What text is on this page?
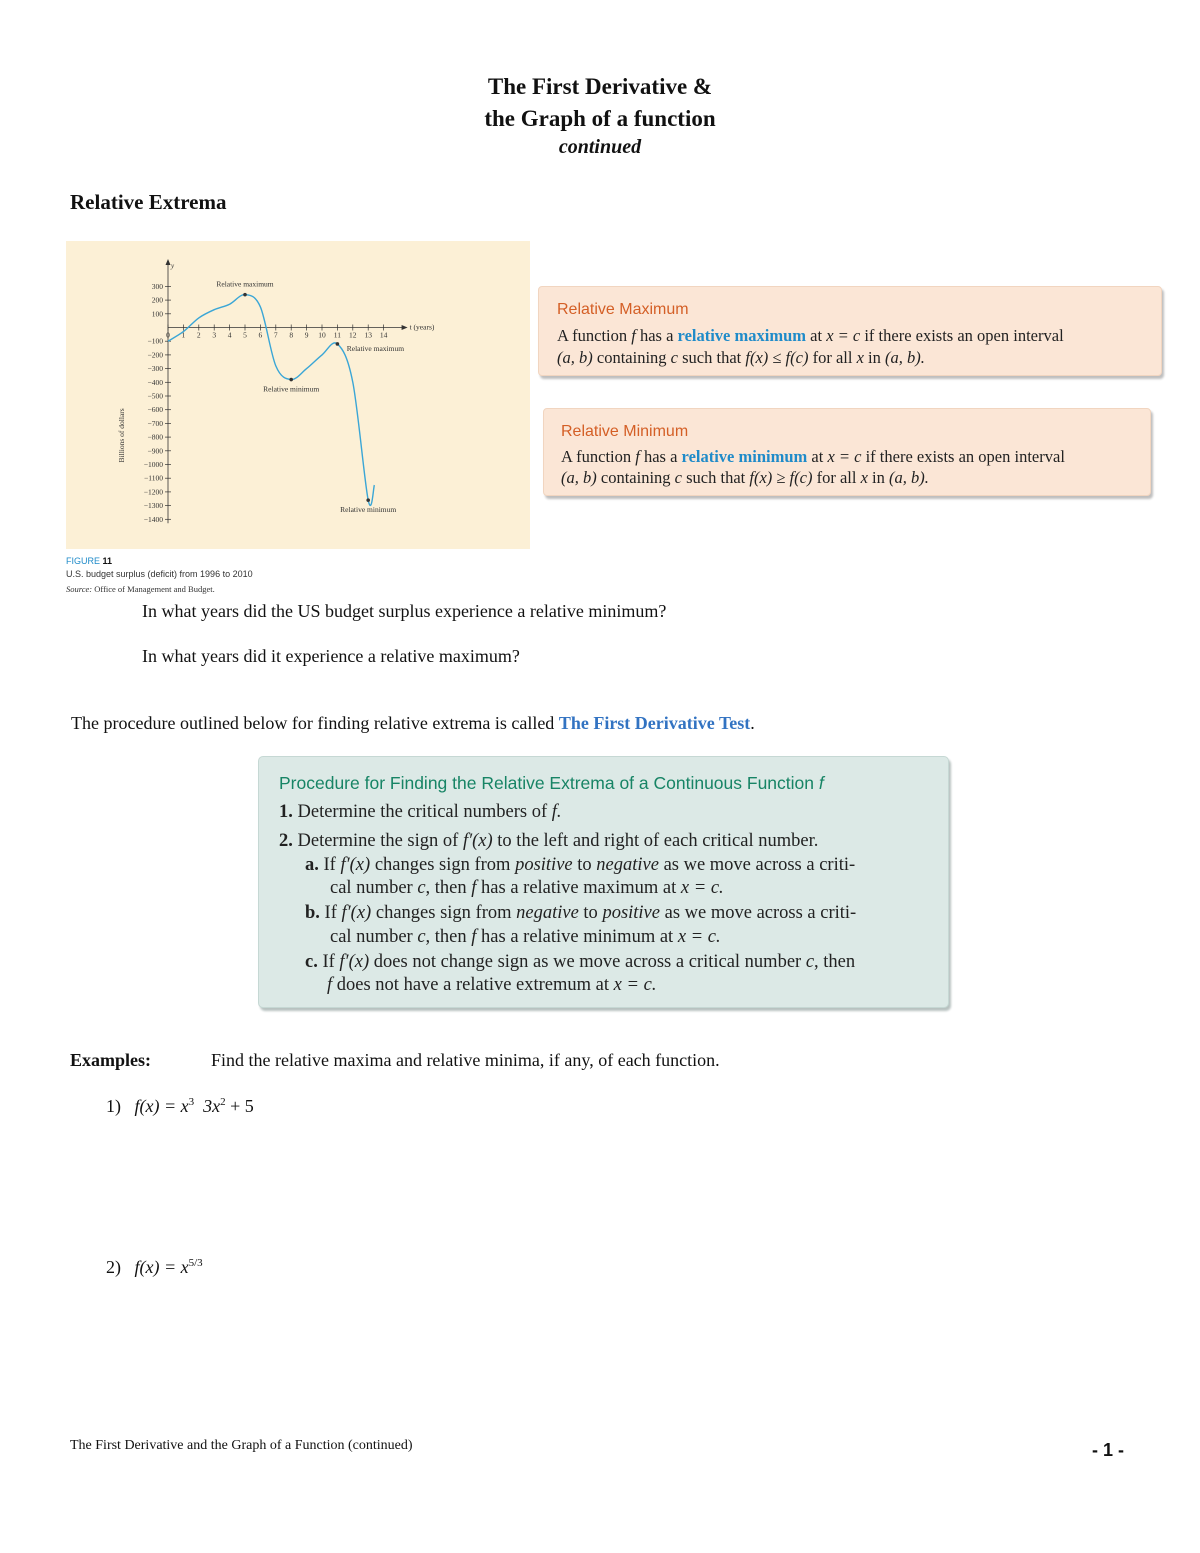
The First Derivative &
the Graph of a function
continued
Relative Extrema
y
t (years)
Billions of dollars
300
200
100
−100
−200
−300
−400
−500
−600
−700
−800
−900
−1000
−1100
−1200
−1300
−1400
0 1 2 3 4 5 6 7 8 9 10 11 12 13 14
Relative maximum
Relative minimum
Relative maximum
Relative minimum
FIGURE 11
U.S. budget surplus (deficit) from 1996 to 2010
Source: Office of Management and Budget.
Relative Maximum
A function f has a relative maximum at x = c if there exists an open interval
(a, b) containing c such that f(x) ≤ f(c) for all x in (a, b).
Relative Minimum
A function f has a relative minimum at x = c if there exists an open interval
(a, b) containing c such that f(x) ≥ f(c) for all x in (a, b).
In what years did the US budget surplus experience a relative minimum?
In what years did it experience a relative maximum?
The procedure outlined below for finding relative extrema is called The First Derivative Test.
Procedure for Finding the Relative Extrema of a Continuous Function f
1. Determine the critical numbers of f.
2. Determine the sign of f′(x) to the left and right of each critical number.
a. If f′(x) changes sign from positive to negative as we move across a criti-
cal number c, then f has a relative maximum at x = c.
b. If f′(x) changes sign from negative to positive as we move across a criti-
cal number c, then f has a relative minimum at x = c.
c. If f′(x) does not change sign as we move across a critical number c, then
f does not have a relative extremum at x = c.
Examples:	Find the relative maxima and relative minima, if any, of each function.
1) $f(x) = x^3$  $3x^2 + 5$
2) $f(x) = x^{5/3}$
The First Derivative and the Graph of a Function (continued)	- 1 -
